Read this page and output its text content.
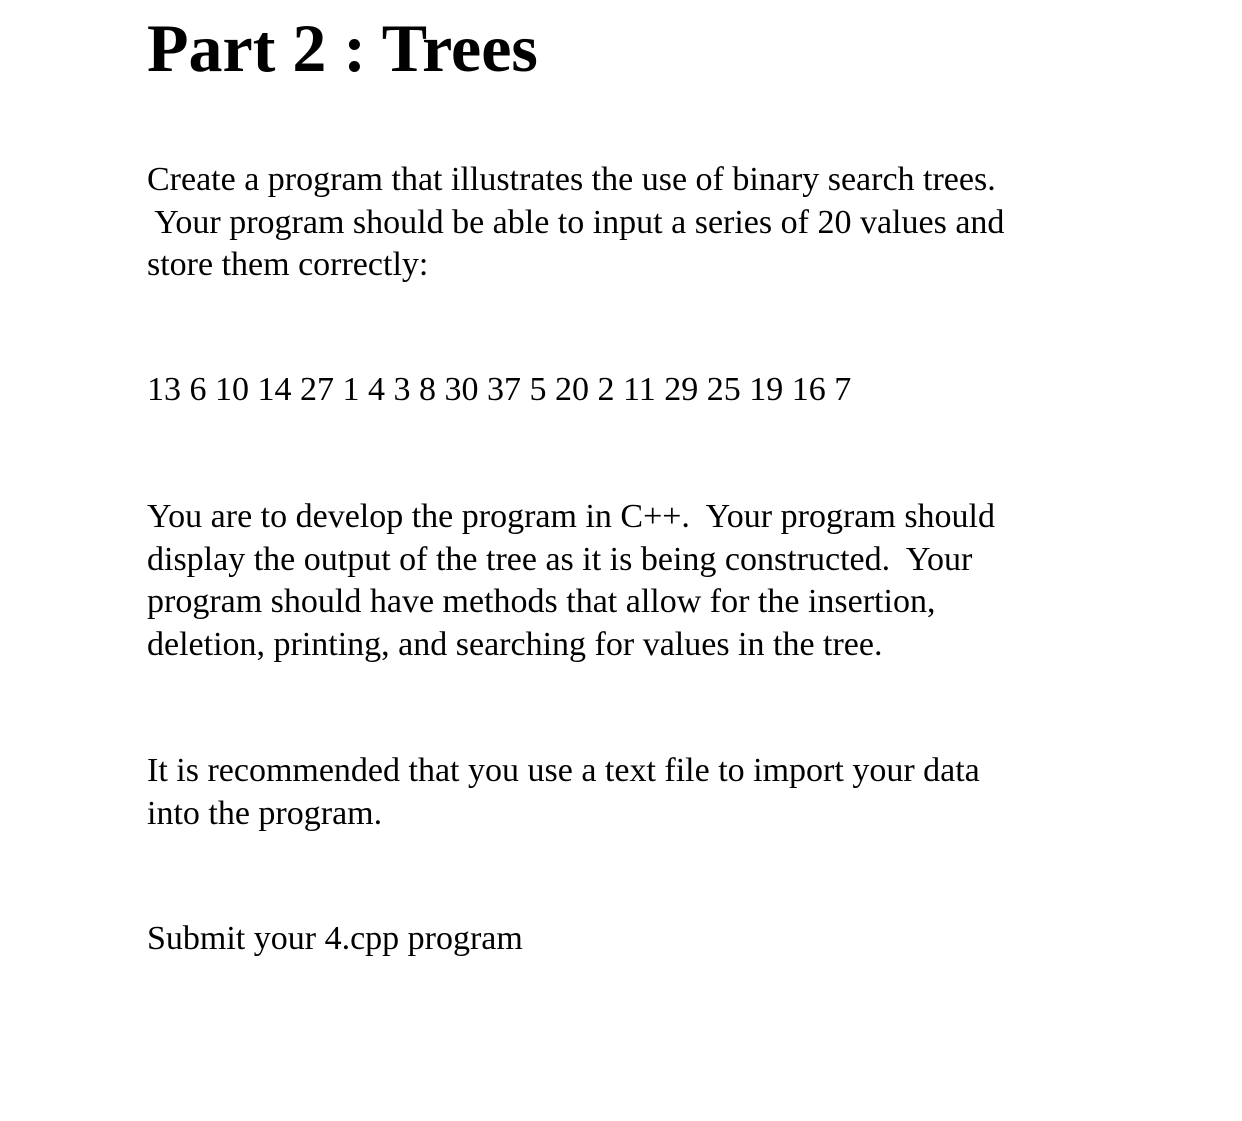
Part 2 : Trees

Create a program that illustrates the use of binary search trees.
Your program should be able to input a series of 20 values and
store them correctly:

13 6 10 14 27 1 4 3 8 30 37 5 20 2 11 29 25 19 16 7

You are to develop the program in C++.  Your program should
display the output of the tree as it is being constructed.  Your
program should have methods that allow for the insertion,
deletion, printing, and searching for values in the tree.

It is recommended that you use a text file to import your data
into the program.

Submit your 4.cpp program
